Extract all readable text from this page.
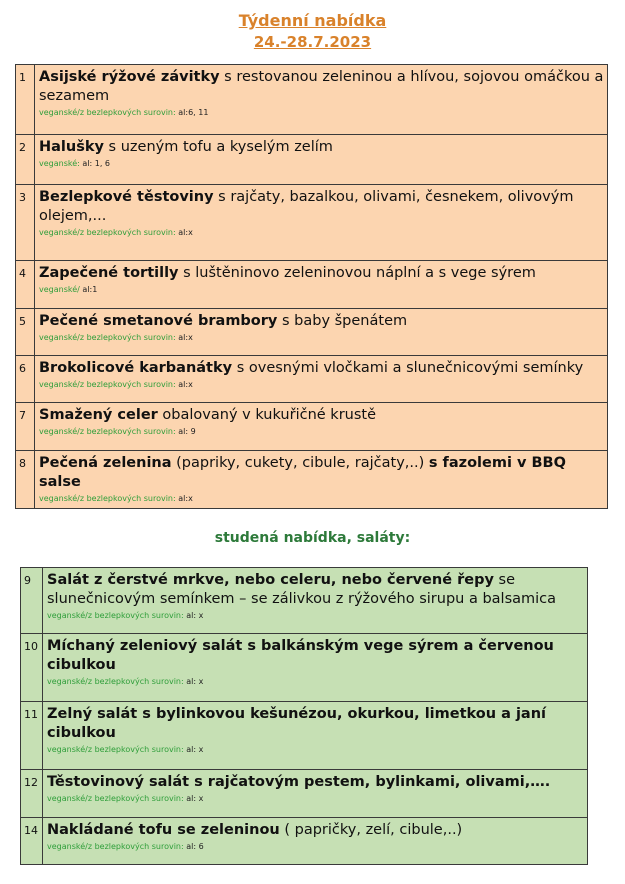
Týdenní nabídka
24.-28.7.2023
1	Asijské rýžové závitky s restovanou zeleninou a hlívou, sojovou omáčkou a sezamem
veganské/z bezlepkových surovin: al:6, 11

2	Halušky s uzeným tofu a kyselým zelím
veganské: al: 1, 6

3	Bezlepkové těstoviny s rajčaty, bazalkou, olivami, česnekem, olivovým olejem,...
veganské/z bezlepkových surovin: al:x

4	Zapečené tortilly s luštěninovo zeleninovou náplní a s vege sýrem
veganské/ al:1

5	Pečené smetanové brambory s baby špenátem
veganské/z bezlepkových surovin: al:x

6	Brokolicové karbanátky s ovesnými vločkami a slunečnicovými semínky
veganské/z bezlepkových surovin: al:x

7	Smažený celer obalovaný v kukuřičné krustě
veganské/z bezlepkových surovin: al: 9

8	Pečená zelenina (papriky, cukety, cibule, rajčaty,..) s fazolemi v BBQ salse
veganské/z bezlepkových surovin: al:x
studená nabídka, saláty:
9	Salát z čerstvé mrkve, nebo celeru, nebo červené řepy se slunečnicovým semínkem – se zálivkou z rýžového sirupu a balsamica
veganské/z bezlepkových surovin: al: x

10	Míchaný zeleniový salát s balkánským vege sýrem a červenou cibulkou
veganské/z bezlepkových surovin: al: x

11	Zelný salát s bylinkovou kešunézou, okurkou, limetkou a janí cibulkou
veganské/z bezlepkových surovin: al: x

12	Těstovinový salát s rajčatovým pestem, bylinkami, olivami,….
veganské/z bezlepkových surovin: al: x

14	Nakládané tofu se zeleninou ( papričky, zelí, cibule,..)
veganské/z bezlepkových surovin: al: 6
